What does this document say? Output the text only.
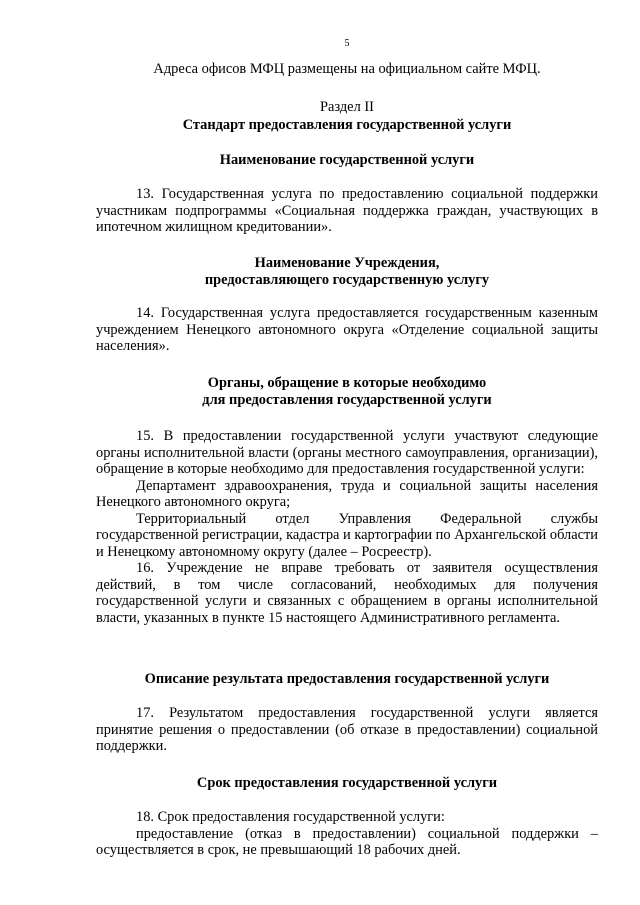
5
Адреса офисов МФЦ размещены на официальном сайте МФЦ.
Раздел II
Стандарт предоставления государственной услуги
Наименование государственной услуги

13. Государственная услуга по предоставлению социальной поддержки участникам подпрограммы «Социальная поддержка граждан, участвующих в ипотечном жилищном кредитовании».

Наименование Учреждения,
предоставляющего государственную услугу

14. Государственная услуга предоставляется государственным казенным учреждением Ненецкого автономного округа «Отделение социальной защиты населения».

Органы, обращение в которые необходимо
для предоставления государственной услуги

15. В предоставлении государственной услуги участвуют следующие органы исполнительной власти (органы местного самоуправления, организации), обращение в которые необходимо для предоставления государственной услуги:

Департамент здравоохранения, труда и социальной защиты населения Ненецкого автономного округа;

Территориальный отдел Управления Федеральной службы государственной регистрации, кадастра и картографии по Архангельской области и Ненецкому автономному округу (далее – Росреестр).

16. Учреждение не вправе требовать от заявителя осуществления действий, в том числе согласований, необходимых для получения государственной услуги и связанных с обращением в органы исполнительной власти, указанных в пункте 15 настоящего Административного регламента.

Описание результата предоставления государственной услуги

17. Результатом предоставления государственной услуги является принятие решения о предоставлении (об отказе в предоставлении) социальной поддержки.

Срок предоставления государственной услуги

18. Срок предоставления государственной услуги:

предоставление (отказ в предоставлении) социальной поддержки – осуществляется в срок, не превышающий 18 рабочих дней.
